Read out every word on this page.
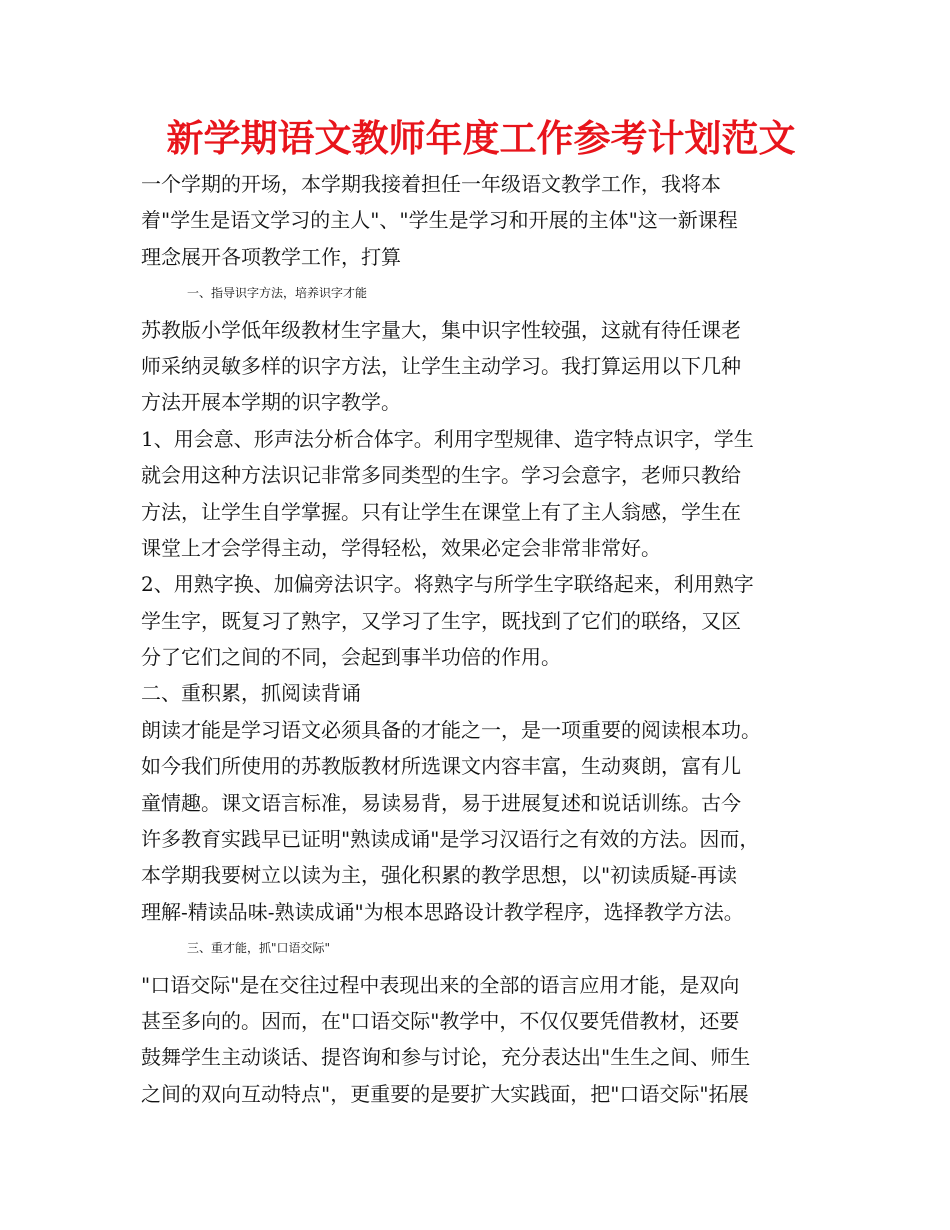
新学期语文教师年度工作参考计划范文
一个学期的开场，本学期我接着担任一年级语文教学工作，我将本
着"学生是语文学习的主人"、"学生是学习和开展的主体"这一新课程
理念展开各项教学工作，打算
一、指导识字方法，培养识字才能
苏教版小学低年级教材生字量大，集中识字性较强，这就有待任课老
师采纳灵敏多样的识字方法，让学生主动学习。我打算运用以下几种
方法开展本学期的识字教学。
1、用会意、形声法分析合体字。利用字型规律、造字特点识字，学生
就会用这种方法识记非常多同类型的生字。学习会意字，老师只教给
方法，让学生自学掌握。只有让学生在课堂上有了主人翁感，学生在
课堂上才会学得主动，学得轻松，效果必定会非常非常好。
2、用熟字换、加偏旁法识字。将熟字与所学生字联络起来，利用熟字
学生字，既复习了熟字，又学习了生字，既找到了它们的联络，又区
分了它们之间的不同，会起到事半功倍的作用。
二、重积累，抓阅读背诵
朗读才能是学习语文必须具备的才能之一，是一项重要的阅读根本功。
如今我们所使用的苏教版教材所选课文内容丰富，生动爽朗，富有儿
童情趣。课文语言标准，易读易背，易于进展复述和说话训练。古今
许多教育实践早已证明"熟读成诵"是学习汉语行之有效的方法。因而，
本学期我要树立以读为主，强化积累的教学思想，以"初读质疑-再读
理解-精读品味-熟读成诵"为根本思路设计教学程序，选择教学方法。
三、重才能，抓"口语交际"
"口语交际"是在交往过程中表现出来的全部的语言应用才能，是双向
甚至多向的。因而，在"口语交际"教学中，不仅仅要凭借教材，还要
鼓舞学生主动谈话、提咨询和参与讨论，充分表达出"生生之间、师生
之间的双向互动特点"，更重要的是要扩大实践面，把"口语交际"拓展
